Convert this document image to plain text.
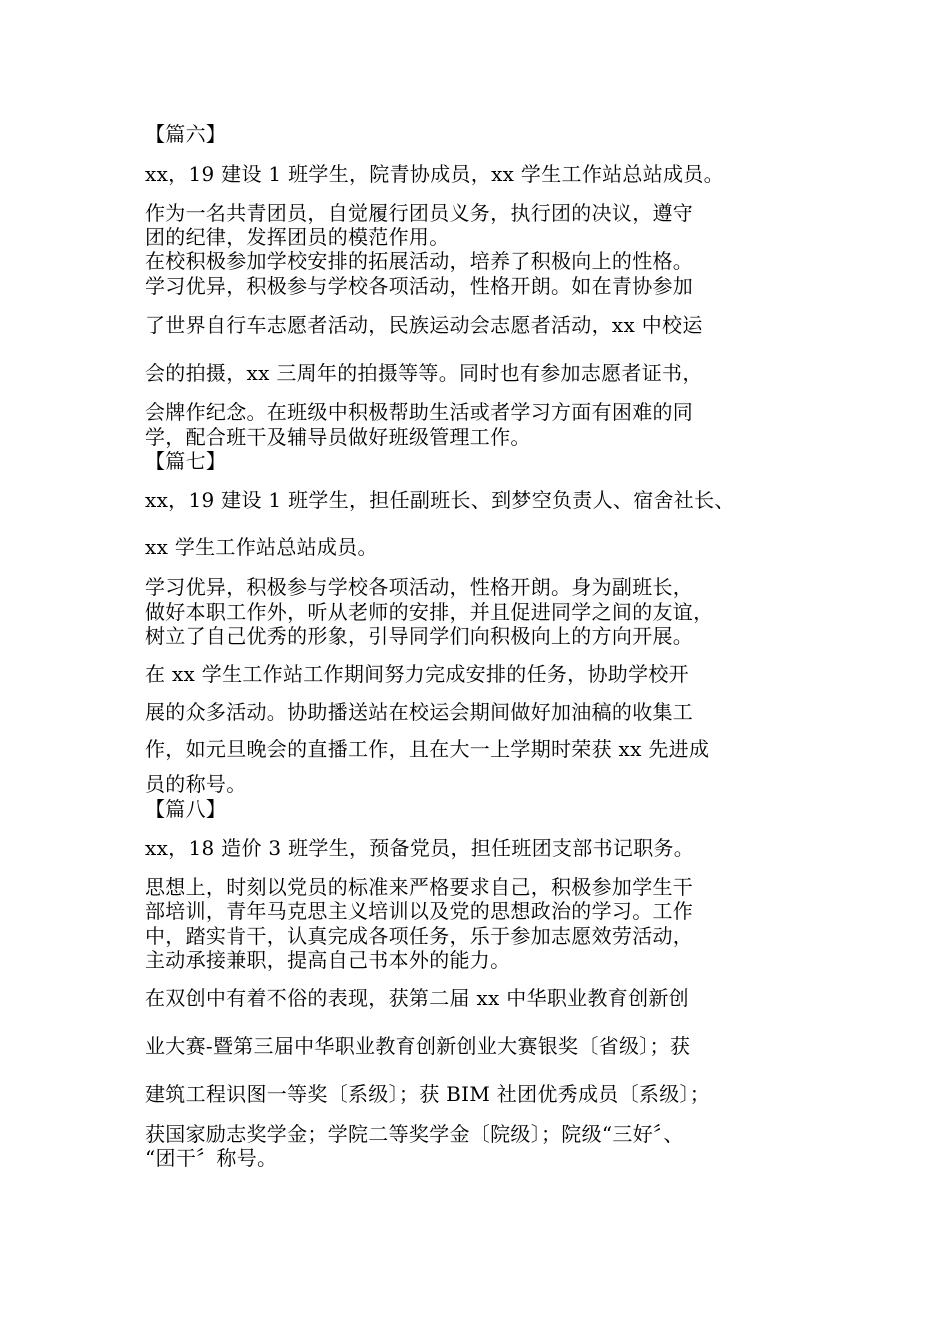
【篇六】

xx，19 建设 1 班学生，院青协成员，xx 学生工作站总站成员。

作为一名共青团员，自觉履行团员义务，执行团的决议，遵守

团的纪律，发挥团员的模范作用。

在校积极参加学校安排的拓展活动，培养了积极向上的性格。

学习优异，积极参与学校各项活动，性格开朗。如在青协参加

了世界自行车志愿者活动，民族运动会志愿者活动，xx 中校运

会的拍摄，xx 三周年的拍摄等等。同时也有参加志愿者证书，

会牌作纪念。在班级中积极帮助生活或者学习方面有困难的同

学，配合班干及辅导员做好班级管理工作。

【篇七】

xx，19 建设 1 班学生，担任副班长、到梦空负责人、宿舍社长、

xx 学生工作站总站成员。

学习优异，积极参与学校各项活动，性格开朗。身为副班长，

做好本职工作外，听从老师的安排，并且促进同学之间的友谊，

树立了自己优秀的形象，引导同学们向积极向上的方向开展。

在 xx 学生工作站工作期间努力完成安排的任务，协助学校开

展的众多活动。协助播送站在校运会期间做好加油稿的收集工

作，如元旦晚会的直播工作，且在大一上学期时荣获 xx 先进成

员的称号。

【篇八】

xx，18 造价 3 班学生，预备党员，担任班团支部书记职务。

思想上，时刻以党员的标准来严格要求自己，积极参加学生干

部培训，青年马克思主义培训以及党的思想政治的学习。工作

中，踏实肯干，认真完成各项任务，乐于参加志愿效劳活动，

主动承接兼职，提高自己书本外的能力。

在双创中有着不俗的表现，获第二届 xx 中华职业教育创新创

业大赛-暨第三届中华职业教育创新创业大赛银奖〔省级〕；获

建筑工程识图一等奖〔系级〕；获 BIM 社团优秀成员〔系级〕；

获国家励志奖学金；学院二等奖学金〔院级〕；院级“三好〞、

“团干〞称号。
